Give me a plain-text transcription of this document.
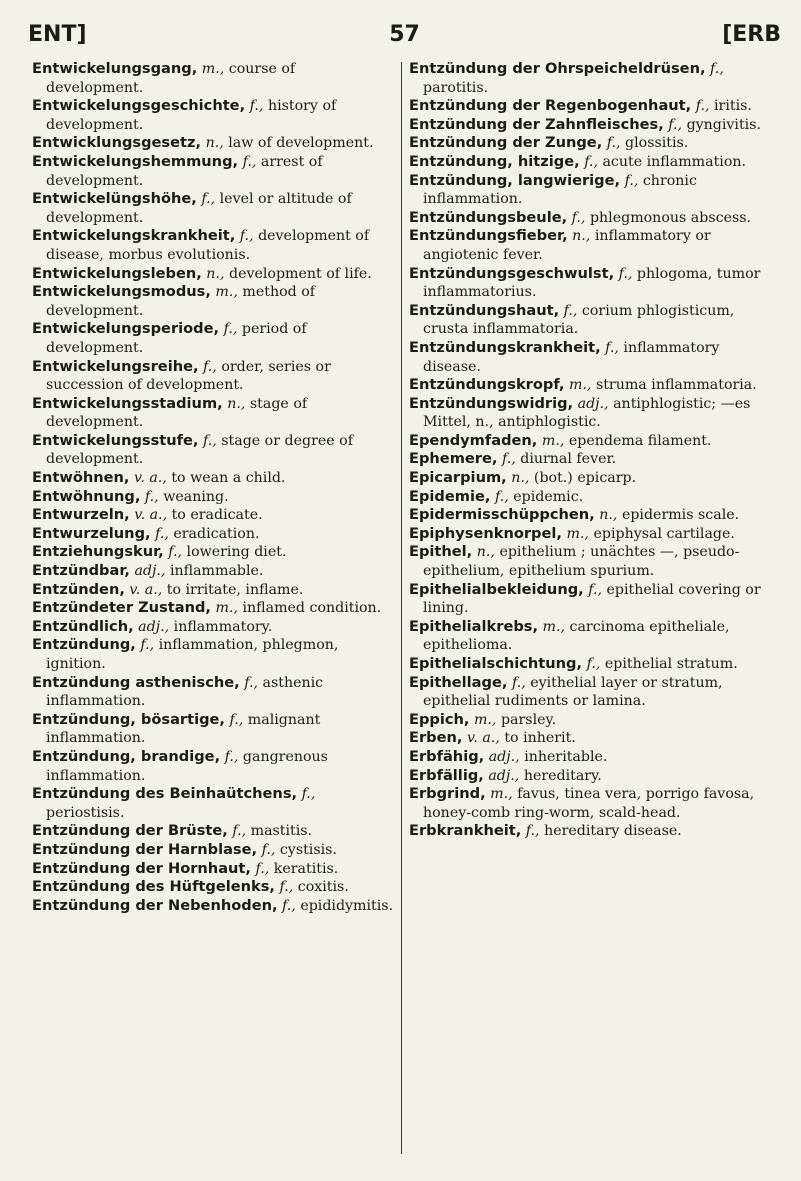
ENT]	57	[ERB

Entwickelungsgang, m., course of development.

Entwickelungsgeschichte, f., history of development.

Entwicklungsgesetz, n., law of development.

Entwickelungshemmung, f., arrest of development.

Entwickelüngshöhe, f., level or altitude of development.

Entwickelungskrankheit, f., development of disease, morbus evolutionis.

Entwickelungsleben, n., development of life.

Entwickelungsmodus, m., method of development.

Entwickelungsperiode, f., period of development.

Entwickelungsreihe, f., order, series or succession of development.

Entwickelungsstadium, n., stage of development.

Entwickelungsstufe, f., stage or degree of development.

Entwöhnen, v. a., to wean a child.

Entwöhnung, f., weaning.

Entwurzeln, v. a., to eradicate.

Entwurzelung, f., eradication.

Entziehungskur, f., lowering diet.

Entzündbar, adj., inflammable.

Entzünden, v. a., to irritate, inflame.

Entzündeter Zustand, m., inflamed condition.

Entzündlich, adj., inflammatory.

Entzündung, f., inflammation, phlegmon, ignition.

Entzündung asthenische, f., asthenic inflammation.

Entzündung, bösartige, f., malignant inflammation.

Entzündung, brandige, f., gangrenous inflammation.

Entzündung des Beinhaütchens, f., periostisis.

Entzündung der Brüste, f., mastitis.

Entzündung der Harnblase, f., cystisis.

Entzündung der Hornhaut, f., keratitis.

Entzündung des Hüftgelenks, f., coxitis.

Entzündung der Nebenhoden, f., epididymitis.

Entzündung der Ohrspeicheldrüsen, f., parotitis.

Entzündung der Regenbogenhaut, f., iritis.

Entzündung der Zahnfleisches, f., gyngivitis.

Entzündung der Zunge, f., glossitis.

Entzündung, hitzige, f., acute inflammation.

Entzündung, langwierige, f., chronic inflammation.

Entzündungsbeule, f., phlegmonous abscess.

Entzündungsfieber, n., inflammatory or angiotenic fever.

Entzündungsgeschwulst, f., phlogoma, tumor inflammatorius.

Entzündungshaut, f., corium phlogisticum, crusta inflammatoria.

Entzündungskrankheit, f., inflammatory disease.

Entzündungskropf, m., struma inflammatoria.

Entzündungswidrig, adj., antiphlogistic; —es Mittel, n., antiphlogistic.

Ependymfaden, m., ependema filament.

Ephemere, f., diurnal fever.

Epicarpium, n., (bot.) epicarp.

Epidemie, f., epidemic.

Epidermisschüppchen, n., epidermis scale.

Epiphysenknorpel, m., epiphysal cartilage.

Epithel, n., epithelium ; unächtes —, pseudo-epithelium, epithelium spurium.

Epithelialbekleidung, f., epithelial covering or lining.

Epithelialkrebs, m., carcinoma epitheliale, epithelioma.

Epithelialschichtung, f., epithelial stratum.

Epithellage, f., eyithelial layer or stratum, epithelial rudiments or lamina.

Eppich, m., parsley.

Erben, v. a., to inherit.

Erbfähig, adj., inheritable.

Erbfällig, adj., hereditary.

Erbgrind, m., favus, tinea vera, porrigo favosa, honey-comb ring-worm, scald-head.

Erbkrankheit, f., hereditary disease.
